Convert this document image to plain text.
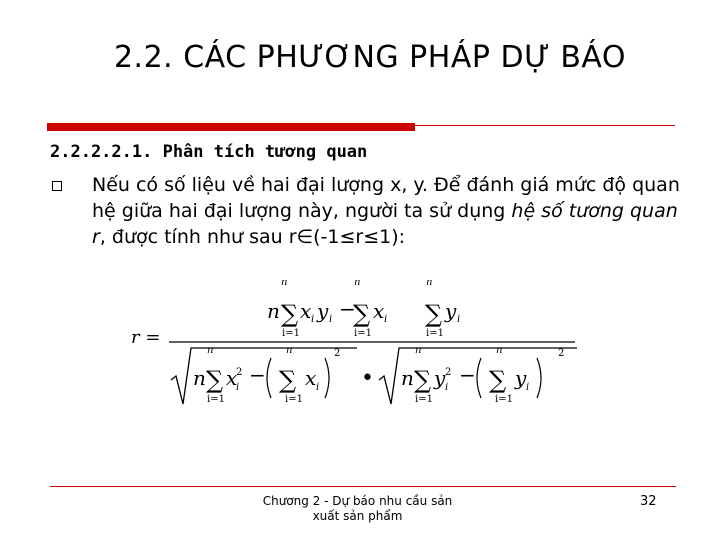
2.2. CÁC PHƯƠNG PHÁP DỰ BÁO
2.2.2.2.1. Phân tích tương quan
Nếu có số liệu về hai đại lượng x, y. Để đánh giá mức độ quan hệ giữa hai đại lượng này, người ta sử dụng hệ số tương quan r, được tính như sau r∈(-1≤r≤1):
r =
n
n
∑
i=1
x i y i −
n
∑
i=1
x i
n
∑
i=1
y i
n
n
∑
i=1
x
2
i
−
n
∑
i=1
x i
2
• n
n
∑
i=1
y 2
i
−
n
∑
i=1
y i
2
Chương 2 - Dự báo nhu cầu sản
xuất sản phẩm
32
